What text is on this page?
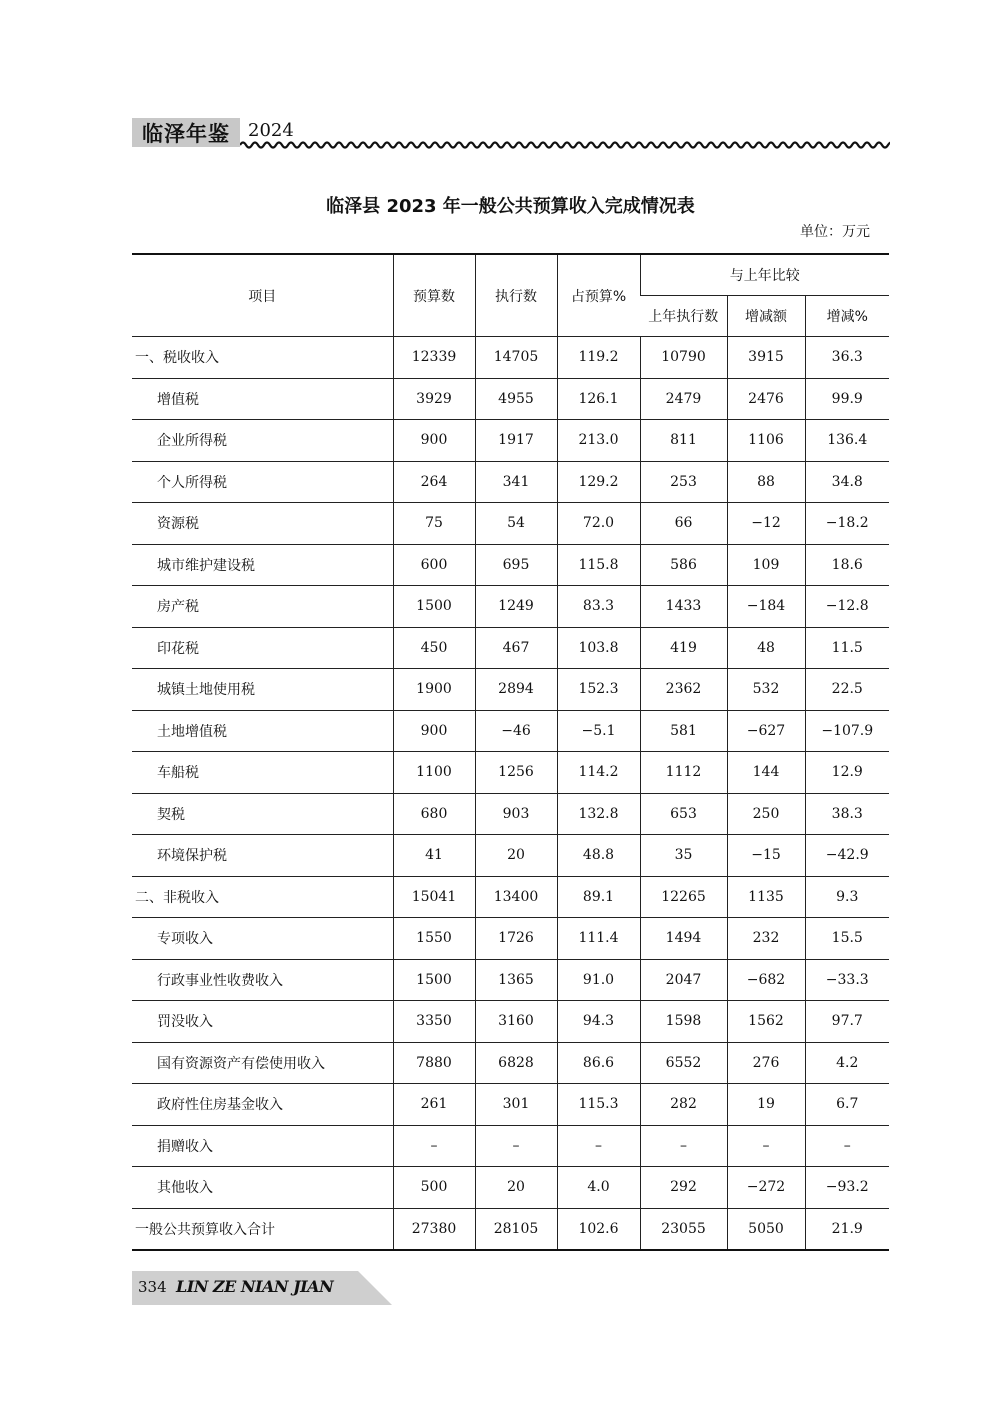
临泽年鉴	2024
临泽县 2023 年一般公共预算收入完成情况表
单位：万元
项目	预算数	执行数	占预算%	与上年比较		
				上年执行数	增减额	增减%
一、税收收入	12339	14705	119.2	10790	3915	36.3
增值税	3929	4955	126.1	2479	2476	99.9
企业所得税	900	1917	213.0	811	1106	136.4
个人所得税	264	341	129.2	253	88	34.8
资源税	75	54	72.0	66	−12	−18.2
城市维护建设税	600	695	115.8	586	109	18.6
房产税	1500	1249	83.3	1433	−184	−12.8
印花税	450	467	103.8	419	48	11.5
城镇土地使用税	1900	2894	152.3	2362	532	22.5
土地增值税	900	−46	−5.1	581	−627	−107.9
车船税	1100	1256	114.2	1112	144	12.9
契税	680	903	132.8	653	250	38.3
环境保护税	41	20	48.8	35	−15	−42.9
二、非税收入	15041	13400	89.1	12265	1135	9.3
专项收入	1550	1726	111.4	1494	232	15.5
行政事业性收费收入	1500	1365	91.0	2047	−682	−33.3
罚没收入	3350	3160	94.3	1598	1562	97.7
国有资源资产有偿使用收入	7880	6828	86.6	6552	276	4.2
政府性住房基金收入	261	301	115.3	282	19	6.7
捐赠收入	–	–	–	–	–	–
其他收入	500	20	4.0	292	−272	−93.2
一般公共预算收入合计	27380	28105	102.6	23055	5050	21.9
334 LIN ZE NIAN JIAN
